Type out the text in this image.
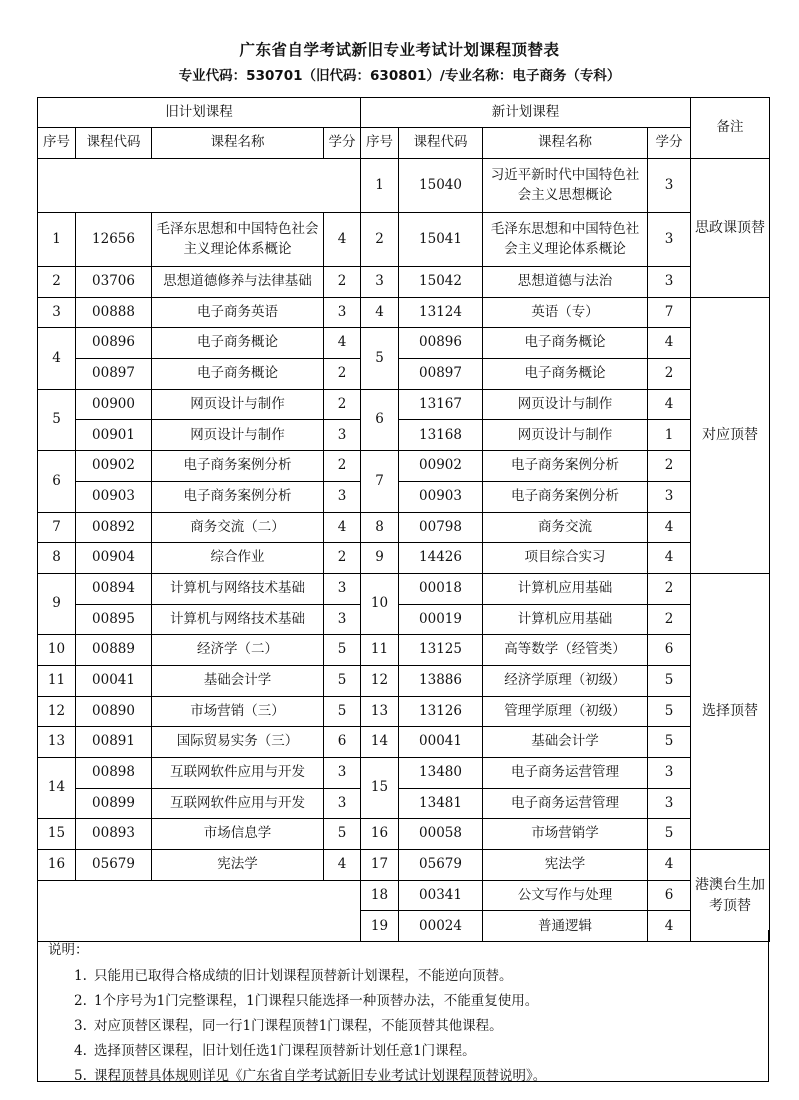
广东省自学考试新旧专业考试计划课程顶替表
专业代码：530701（旧代码：630801）/专业名称：电子商务（专科）
旧计划课程				新计划课程				备注
序号	课程代码	课程名称	学分	序号	课程代码	课程名称	学分	
				1	15040	习近平新时代中国特色社会主义思想概论	3	思政课顶替
1	12656	毛泽东思想和中国特色社会主义理论体系概论	4	2	15041	毛泽东思想和中国特色社会主义理论体系概论	3	
2	03706	思想道德修养与法律基础	2	3	15042	思想道德与法治	3	
3	00888	电子商务英语	3	4	13124	英语（专）	7	对应顶替
4	00896	电子商务概论	4	5	00896	电子商务概论	4	
	00897	电子商务概论	2		00897	电子商务概论	2	
5	00900	网页设计与制作	2	6	13167	网页设计与制作	4	
	00901	网页设计与制作	3		13168	网页设计与制作	1	
6	00902	电子商务案例分析	2	7	00902	电子商务案例分析	2	
	00903	电子商务案例分析	3		00903	电子商务案例分析	3	
7	00892	商务交流（二）	4	8	00798	商务交流	4	
8	00904	综合作业	2	9	14426	项目综合实习	4	
9	00894	计算机与网络技术基础	3	10	00018	计算机应用基础	2	选择顶替
	00895	计算机与网络技术基础	3		00019	计算机应用基础	2	
10	00889	经济学（二）	5	11	13125	高等数学（经管类）	6	
11	00041	基础会计学	5	12	13886	经济学原理（初级）	5	
12	00890	市场营销（三）	5	13	13126	管理学原理（初级）	5	
13	00891	国际贸易实务（三）	6	14	00041	基础会计学	5	
14	00898	互联网软件应用与开发	3	15	13480	电子商务运营管理	3	
	00899	互联网软件应用与开发	3		13481	电子商务运营管理	3	
15	00893	市场信息学	5	16	00058	市场营销学	5	
16	05679	宪法学	4	17	05679	宪法学	4	港澳台生加考顶替
				18	00341	公文写作与处理	6	
				19	00024	普通逻辑	4	
说明：
1. 只能用已取得合格成绩的旧计划课程顶替新计划课程，不能逆向顶替。
2. 1个序号为1门完整课程，1门课程只能选择一种顶替办法，不能重复使用。
3. 对应顶替区课程，同一行1门课程顶替1门课程，不能顶替其他课程。
4. 选择顶替区课程，旧计划任选1门课程顶替新计划任意1门课程。
5. 课程顶替具体规则详见《广东省自学考试新旧专业考试计划课程顶替说明》。
